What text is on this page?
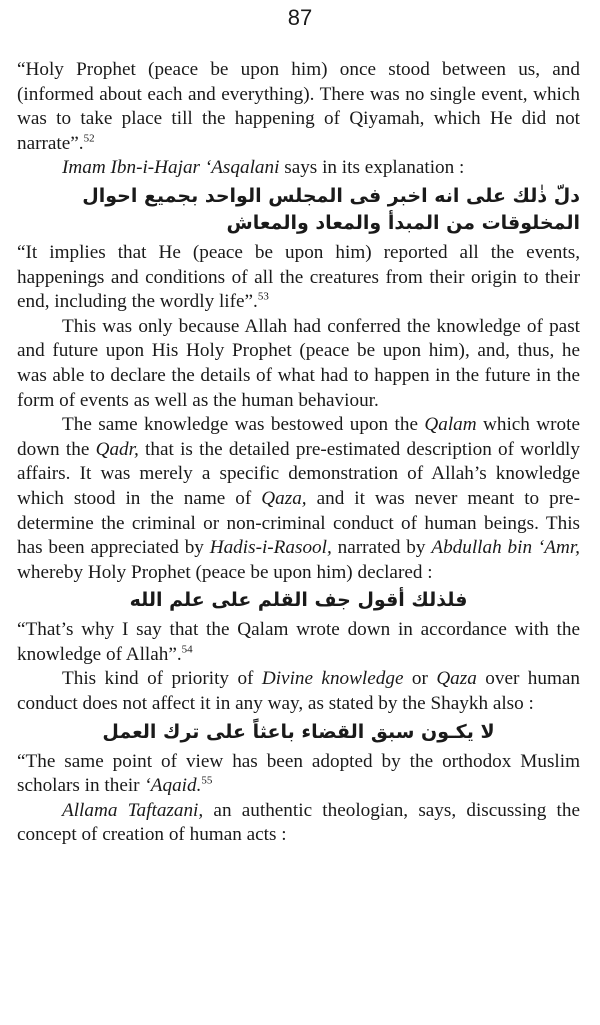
87

“Holy Prophet (peace be upon him) once stood between us, and (informed about each and everything). There was no single event, which was to take place till the happening of Qiyamah, which He did not narrate”.$^{52}$

Imam Ibn-i-Hajar ‘Asqalani says in its explanation :

دلّ ذٰلك على انه اخبر فى المجلس الواحد بجميع احوال المخلوقات من المبدأ والمعاد والمعاش

“It implies that He (peace be upon him) reported all the events, happenings and conditions of all the creatures from their origin to their end, including the wordly life”.$^{53}$

This was only because Allah had conferred the knowledge of past and future upon His Holy Prophet (peace be upon him), and, thus, he was able to declare the details of what had to happen in the future in the form of events as well as the human behaviour.

The same knowledge was bestowed upon the Qalam which wrote down the Qadr, that is the detailed pre-estimated description of worldly affairs. It was merely a specific demonstration of Allah’s knowledge which stood in the name of Qaza, and it was never meant to pre-determine the criminal or non-criminal conduct of human beings. This has been appreciated by Hadis-i-Rasool, narrated by Abdullah bin ‘Amr, whereby Holy Prophet (peace be upon him) declared :

فلذلك أقول جف القلم على علم الله

“That’s why I say that the Qalam wrote down in accordance with the knowledge of Allah”.$^{54}$

This kind of priority of Divine knowledge or Qaza over human conduct does not affect it in any way, as stated by the Shaykh also :

لا يكـون سبق القضاء باعثاً على ترك العمل

“The same point of view has been adopted by the orthodox Muslim scholars in their ‘Aqaid.$^{55}$

Allama Taftazani, an authentic theologian, says, discussing the concept of creation of human acts :
